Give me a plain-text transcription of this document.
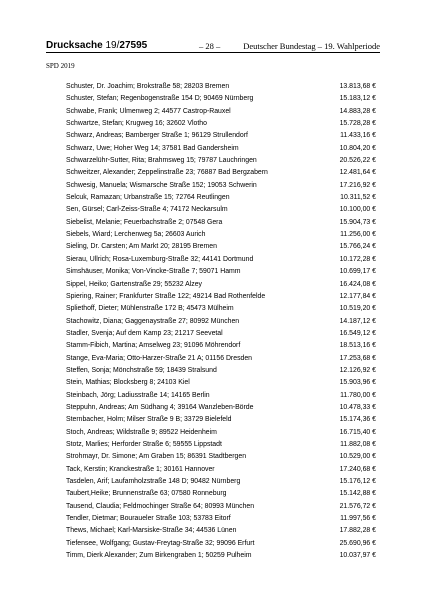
Drucksache 19/27595	– 28 –	Deutscher Bundestag – 19. Wahlperiode
SPD 2019
Schuster, Dr. Joachim; Brokstraße 58; 28203 Bremen	13.813,68 €
Schuster, Stefan; Regenbogenstraße 154 D; 90469 Nürnberg	15.183,12 €
Schwabe, Frank; Ulmenweg 2; 44577 Castrop-Rauxel	14.883,28 €
Schwartze, Stefan; Krugweg 16; 32602 Vlotho	15.728,28 €
Schwarz, Andreas; Bamberger Straße 1; 96129 Strullendorf	11.433,16 €
Schwarz, Uwe; Hoher Weg 14; 37581 Bad Gandersheim	10.804,20 €
Schwarzelühr-Sutter, Rita; Brahmsweg 15; 79787 Lauchringen	20.526,22 €
Schweitzer, Alexander; Zeppelinstraße 23; 76887 Bad Bergzabern	12.481,64 €
Schwesig, Manuela; Wismarsche Straße 152; 19053 Schwerin	17.216,92 €
Selcuk, Ramazan; Urbanstraße 15; 72764 Reutlingen	10.311,52 €
Sen, Gürsel; Carl-Zeiss-Straße 4; 74172 Neckarsulm	10.100,00 €
Siebelist, Melanie; Feuerbachstraße 2; 07548 Gera	15.904,73 €
Siebels, Wiard; Lerchenweg 5a; 26603 Aurich	11.256,00 €
Sieling, Dr. Carsten; Am Markt 20; 28195 Bremen	15.766,24 €
Sierau, Ullrich; Rosa-Luxemburg-Straße 32; 44141 Dortmund	10.172,28 €
Simshäuser, Monika; Von-Vincke-Straße 7; 59071 Hamm	10.699,17 €
Sippel, Heiko; Gartenstraße 29; 55232 Alzey	16.424,08 €
Spiering, Rainer; Frankfurter Straße 122; 49214 Bad Rothenfelde	12.177,84 €
Spliethoff, Dieter; Mühlenstraße 172 B; 45473 Mülheim	10.519,20 €
Stachowitz, Diana; Gaggenaystraße 27; 80992 München	14.187,12 €
Stadler, Svenja; Auf dem Kamp 23; 21217 Seevetal	16.549,12 €
Stamm-Fibich, Martina; Amselweg 23; 91096 Möhrendorf	18.513,16 €
Stange, Eva-Maria; Otto-Harzer-Straße 21 A; 01156 Dresden	17.253,68 €
Steffen, Sonja; Mönchstraße 59; 18439 Stralsund	12.126,92 €
Stein, Mathias; Blocksberg 8; 24103 Kiel	15.903,96 €
Steinbach, Jörg; Ladiusstraße 14; 14165 Berlin	11.780,00 €
Steppuhn, Andreas; Am Südhang 4; 39164 Wanzleben-Börde	10.478,33 €
Sternbacher, Holm; Milser Straße 9 B; 33729 Bielefeld	15.174,36 €
Stoch, Andreas; Wildstraße 9; 89522 Heidenheim	16.715,40 €
Stotz, Marlies; Herforder Straße 6; 59555 Lippstadt	11.882,08 €
Strohmayr, Dr. Simone; Am Graben 15; 86391 Stadtbergen	10.529,00 €
Tack, Kerstin; Kranckestraße 1; 30161 Hannover	17.240,68 €
Tasdelen, Arif; Laufamholzstraße 148 D; 90482 Nürnberg	15.176,12 €
Taubert,Heike; Brunnenstraße 63; 07580 Ronneburg	15.142,88 €
Tausend, Claudia; Feldmochinger Straße 64; 80993 München	21.576,72 €
Tendler, Dietmar; Bouraueler Straße 103; 53783 Eitorf	11.997,56 €
Thews, Michael; Karl-Marsiske-Straße 34; 44536 Lünen	17.882,28 €
Tiefensee, Wolfgang; Gustav-Freytag-Straße 32; 99096 Erfurt	25.690,96 €
Timm, Dierk Alexander; Zum Birkengraben 1; 50259 Pulheim	10.037,97 €
